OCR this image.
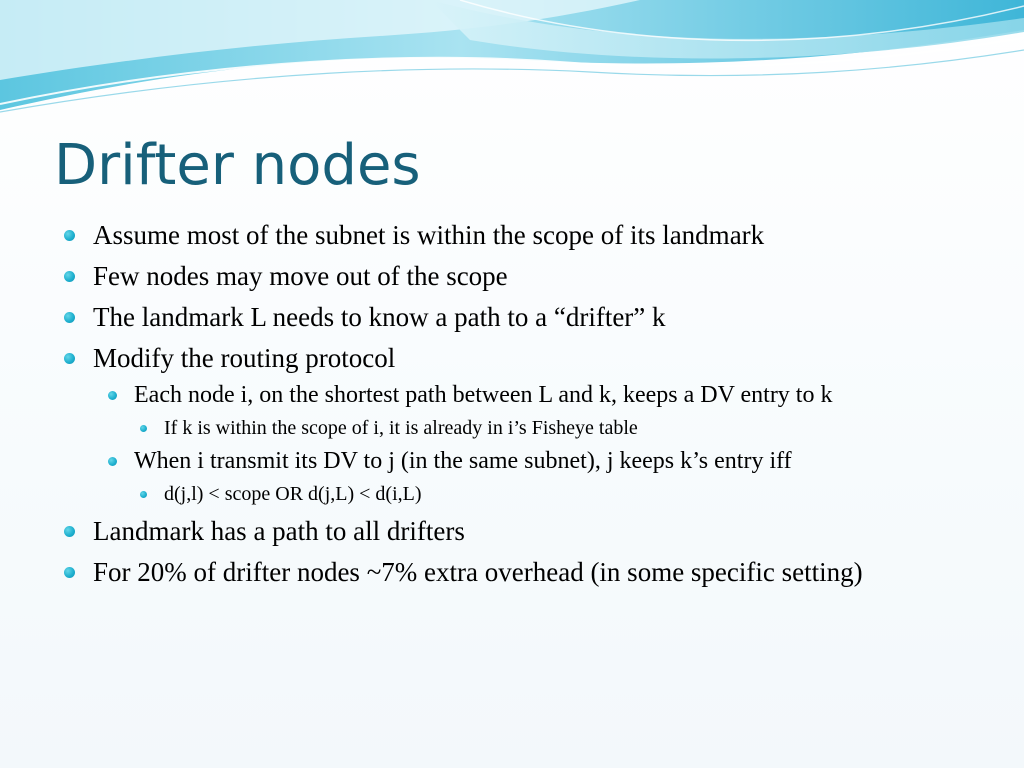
Drifter nodes
Assume most of the subnet is within the scope of its landmark
Few nodes may move out of the scope
The landmark L needs to know a path to a “drifter” k
Modify the routing protocol
Each node i, on the shortest path between L and k, keeps a DV entry to k
If k is within the scope of i, it is already in i’s Fisheye table
When i transmit its DV to j (in the same subnet), j keeps k’s entry iff
d(j,l) < scope OR d(j,L) < d(i,L)
Landmark has a path to all drifters
For 20% of drifter nodes ~7% extra overhead (in some specific setting)
